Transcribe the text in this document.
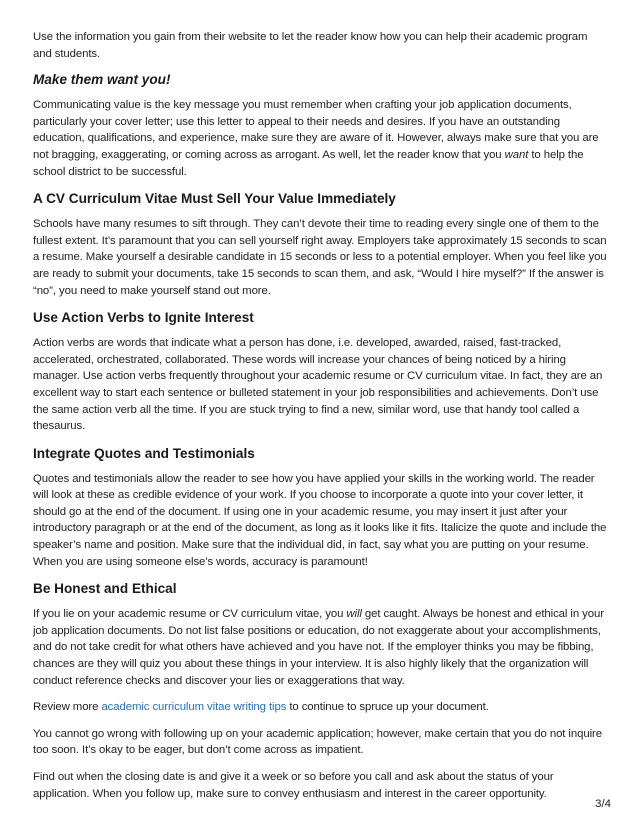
Use the information you gain from their website to let the reader know how you can help their academic program and students.

Make them want you!

Communicating value is the key message you must remember when crafting your job application documents, particularly your cover letter; use this letter to appeal to their needs and desires. If you have an outstanding education, qualifications, and experience, make sure they are aware of it. However, always make sure that you are not bragging, exaggerating, or coming across as arrogant. As well, let the reader know that you want to help the school district to be successful.

A CV Curriculum Vitae Must Sell Your Value Immediately

Schools have many resumes to sift through. They can’t devote their time to reading every single one of them to the fullest extent. It’s paramount that you can sell yourself right away. Employers take approximately 15 seconds to scan a resume. Make yourself a desirable candidate in 15 seconds or less to a potential employer. When you feel like you are ready to submit your documents, take 15 seconds to scan them, and ask, “Would I hire myself?” If the answer is “no”, you need to make yourself stand out more.

Use Action Verbs to Ignite Interest

Action verbs are words that indicate what a person has done, i.e. developed, awarded, raised, fast-tracked, accelerated, orchestrated, collaborated. These words will increase your chances of being noticed by a hiring manager. Use action verbs frequently throughout your academic resume or CV curriculum vitae. In fact, they are an excellent way to start each sentence or bulleted statement in your job responsibilities and achievements. Don’t use the same action verb all the time. If you are stuck trying to find a new, similar word, use that handy tool called a thesaurus.

Integrate Quotes and Testimonials

Quotes and testimonials allow the reader to see how you have applied your skills in the working world. The reader will look at these as credible evidence of your work. If you choose to incorporate a quote into your cover letter, it should go at the end of the document. If using one in your academic resume, you may insert it just after your introductory paragraph or at the end of the document, as long as it looks like it fits. Italicize the quote and include the speaker’s name and position. Make sure that the individual did, in fact, say what you are putting on your resume. When you are using someone else’s words, accuracy is paramount!

Be Honest and Ethical

If you lie on your academic resume or CV curriculum vitae, you will get caught. Always be honest and ethical in your job application documents. Do not list false positions or education, do not exaggerate about your accomplishments, and do not take credit for what others have achieved and you have not. If the employer thinks you may be fibbing, chances are they will quiz you about these things in your interview. It is also highly likely that the organization will conduct reference checks and discover your lies or exaggerations that way.

Review more academic curriculum vitae writing tips to continue to spruce up your document.

You cannot go wrong with following up on your academic application; however, make certain that you do not inquire too soon. It’s okay to be eager, but don’t come across as impatient.

Find out when the closing date is and give it a week or so before you call and ask about the status of your application. When you follow up, make sure to convey enthusiasm and interest in the career opportunity.

3/4
